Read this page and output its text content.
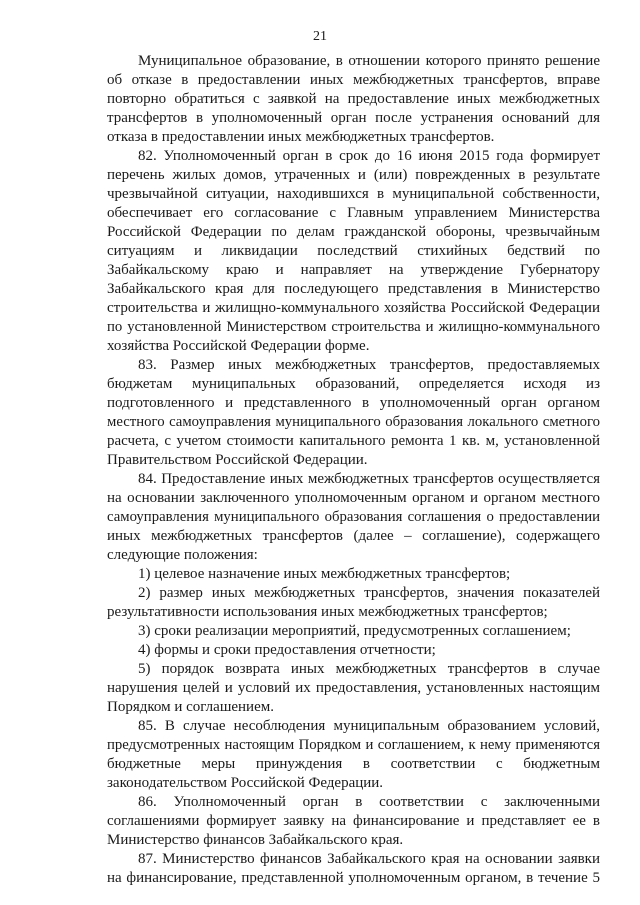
21
Муниципальное образование, в отношении которого принято решение
об отказе в предоставлении иных межбюджетных трансфертов, вправе
повторно обратиться с заявкой на предоставление иных межбюджетных
трансфертов в уполномоченный орган после устранения оснований для
отказа в предоставлении иных межбюджетных трансфертов.
82. Уполномоченный орган в срок до 16 июня 2015 года формирует
перечень жилых домов, утраченных и (или) поврежденных в результате
чрезвычайной ситуации, находившихся в муниципальной собственности,
обеспечивает его согласование с Главным управлением Министерства
Российской Федерации по делам гражданской обороны, чрезвычайным
ситуациям и ликвидации последствий стихийных бедствий по
Забайкальскому краю и направляет на утверждение Губернатору
Забайкальского края для последующего представления в Министерство
строительства и жилищно-коммунального хозяйства Российской Федерации
по установленной Министерством строительства и жилищно-коммунального
хозяйства Российской Федерации форме.
83. Размер иных межбюджетных трансфертов, предоставляемых
бюджетам муниципальных образований, определяется исходя из
подготовленного и представленного в уполномоченный орган органом
местного самоуправления муниципального образования локального сметного
расчета, с учетом стоимости капитального ремонта 1 кв. м, установленной
Правительством Российской Федерации.
84. Предоставление иных межбюджетных трансфертов осуществляется
на основании заключенного уполномоченным органом и органом местного
самоуправления муниципального образования соглашения о предоставлении
иных межбюджетных трансфертов (далее – соглашение), содержащего
следующие положения:
1) целевое назначение иных межбюджетных трансфертов;
2) размер иных межбюджетных трансфертов, значения показателей
результативности использования иных межбюджетных трансфертов;
3) сроки реализации мероприятий, предусмотренных соглашением;
4) формы и сроки предоставления отчетности;
5) порядок возврата иных межбюджетных трансфертов в случае
нарушения целей и условий их предоставления, установленных настоящим
Порядком и соглашением.
85. В случае несоблюдения муниципальным образованием условий,
предусмотренных настоящим Порядком и соглашением, к нему применяются
бюджетные меры принуждения в соответствии с бюджетным
законодательством Российской Федерации.
86. Уполномоченный орган в соответствии с заключенными
соглашениями формирует заявку на финансирование и представляет ее в
Министерство финансов Забайкальского края.
87. Министерство финансов Забайкальского края на основании заявки
на финансирование, представленной уполномоченным органом, в течение 5
